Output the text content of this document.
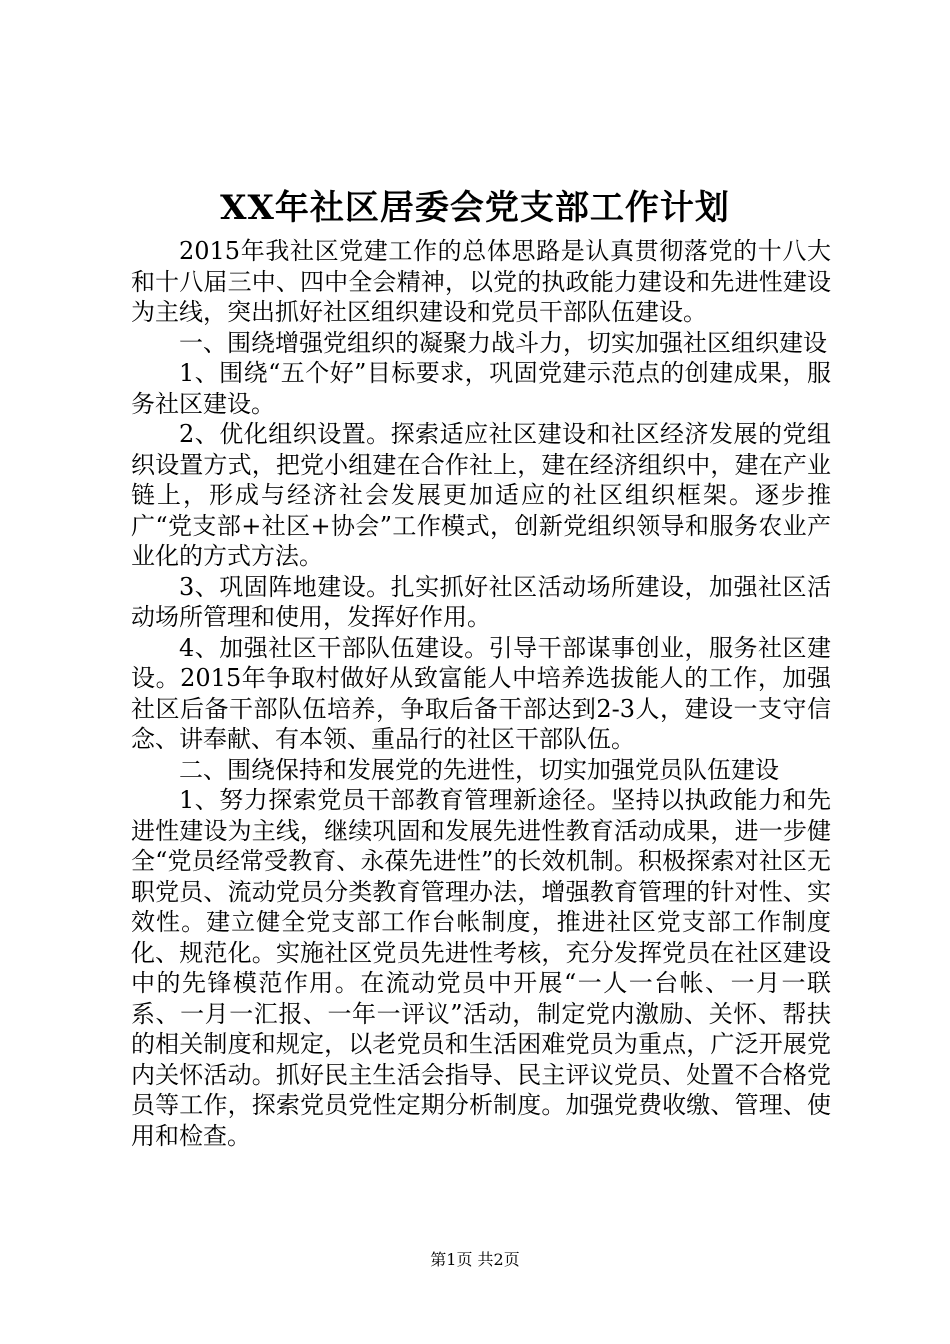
XX年社区居委会党支部工作计划

2015年我社区党建工作的总体思路是认真贯彻落党的十八大和十八届三中、四中全会精神，以党的执政能力建设和先进性建设为主线，突出抓好社区组织建设和党员干部队伍建设。

一、围绕增强党组织的凝聚力战斗力，切实加强社区组织建设

1、围绕“五个好”目标要求，巩固党建示范点的创建成果，服务社区建设。

2、优化组织设置。探索适应社区建设和社区经济发展的党组织设置方式，把党小组建在合作社上，建在经济组织中，建在产业链上，形成与经济社会发展更加适应的社区组织框架。逐步推广“党支部+社区+协会”工作模式，创新党组织领导和服务农业产业化的方式方法。

3、巩固阵地建设。扎实抓好社区活动场所建设，加强社区活动场所管理和使用，发挥好作用。

4、加强社区干部队伍建设。引导干部谋事创业，服务社区建设。2015年争取村做好从致富能人中培养选拔能人的工作，加强社区后备干部队伍培养，争取后备干部达到2-3人，建设一支守信念、讲奉献、有本领、重品行的社区干部队伍。

二、围绕保持和发展党的先进性，切实加强党员队伍建设

1、努力探索党员干部教育管理新途径。坚持以执政能力和先进性建设为主线，继续巩固和发展先进性教育活动成果，进一步健全“党员经常受教育、永葆先进性”的长效机制。积极探索对社区无职党员、流动党员分类教育管理办法，增强教育管理的针对性、实效性。建立健全党支部工作台帐制度，推进社区党支部工作制度化、规范化。实施社区党员先进性考核，充分发挥党员在社区建设中的先锋模范作用。在流动党员中开展“一人一台帐、一月一联系、一月一汇报、一年一评议”活动，制定党内激励、关怀、帮扶的相关制度和规定，以老党员和生活困难党员为重点，广泛开展党内关怀活动。抓好民主生活会指导、民主评议党员、处置不合格党员等工作，探索党员党性定期分析制度。加强党费收缴、管理、使用和检查。

第1页 共2页
